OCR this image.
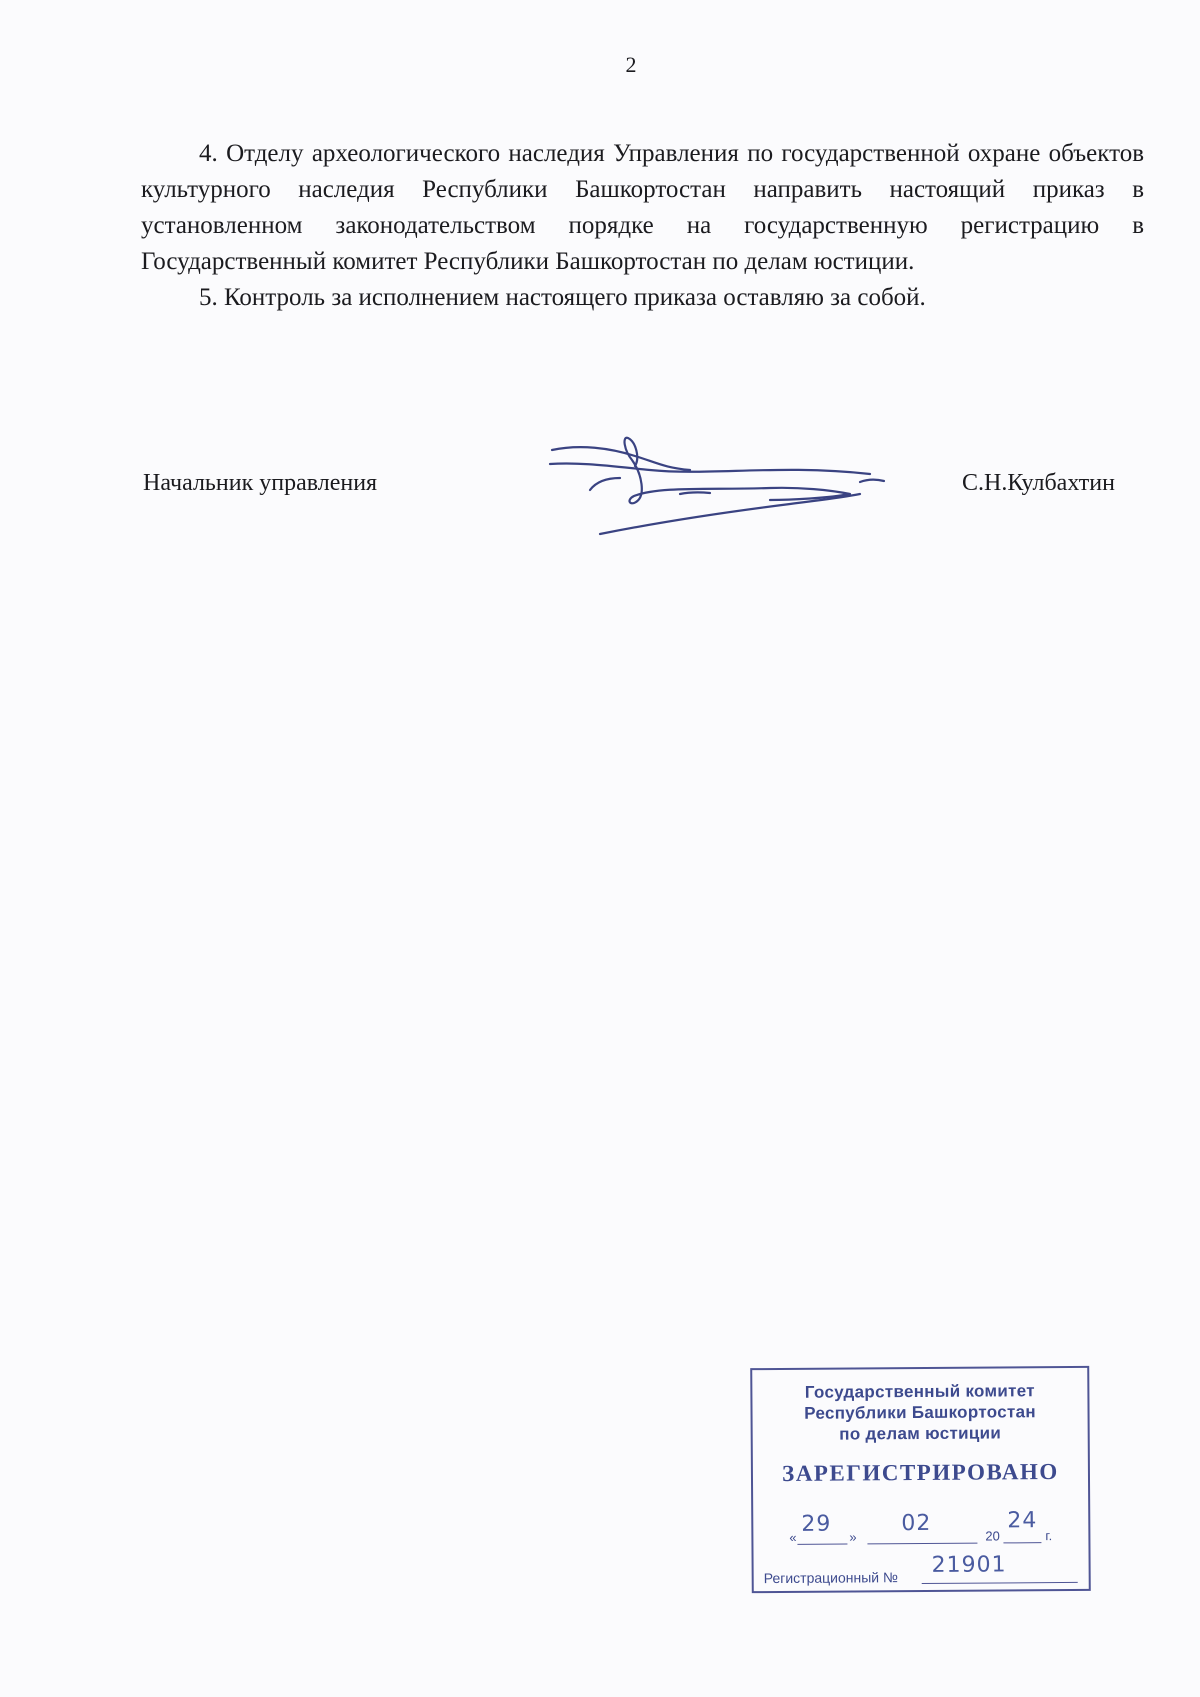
2

4. Отделу археологического наследия Управления по государственной охране объектов культурного наследия Республики Башкортостан направить настоящий приказ в установленном законодательством порядке на государственную регистрацию в Государственный комитет Республики Башкортостан по делам юстиции.

5. Контроль за исполнением настоящего приказа оставляю за собой.

Начальник управления	С.Н.Кулбахтин
Государственный комитет
Республики Башкортостан
по делам юстиции
ЗАРЕГИСТРИРОВАНО
«
29
»
02	20
24
г.
Регистрационный № 21901
